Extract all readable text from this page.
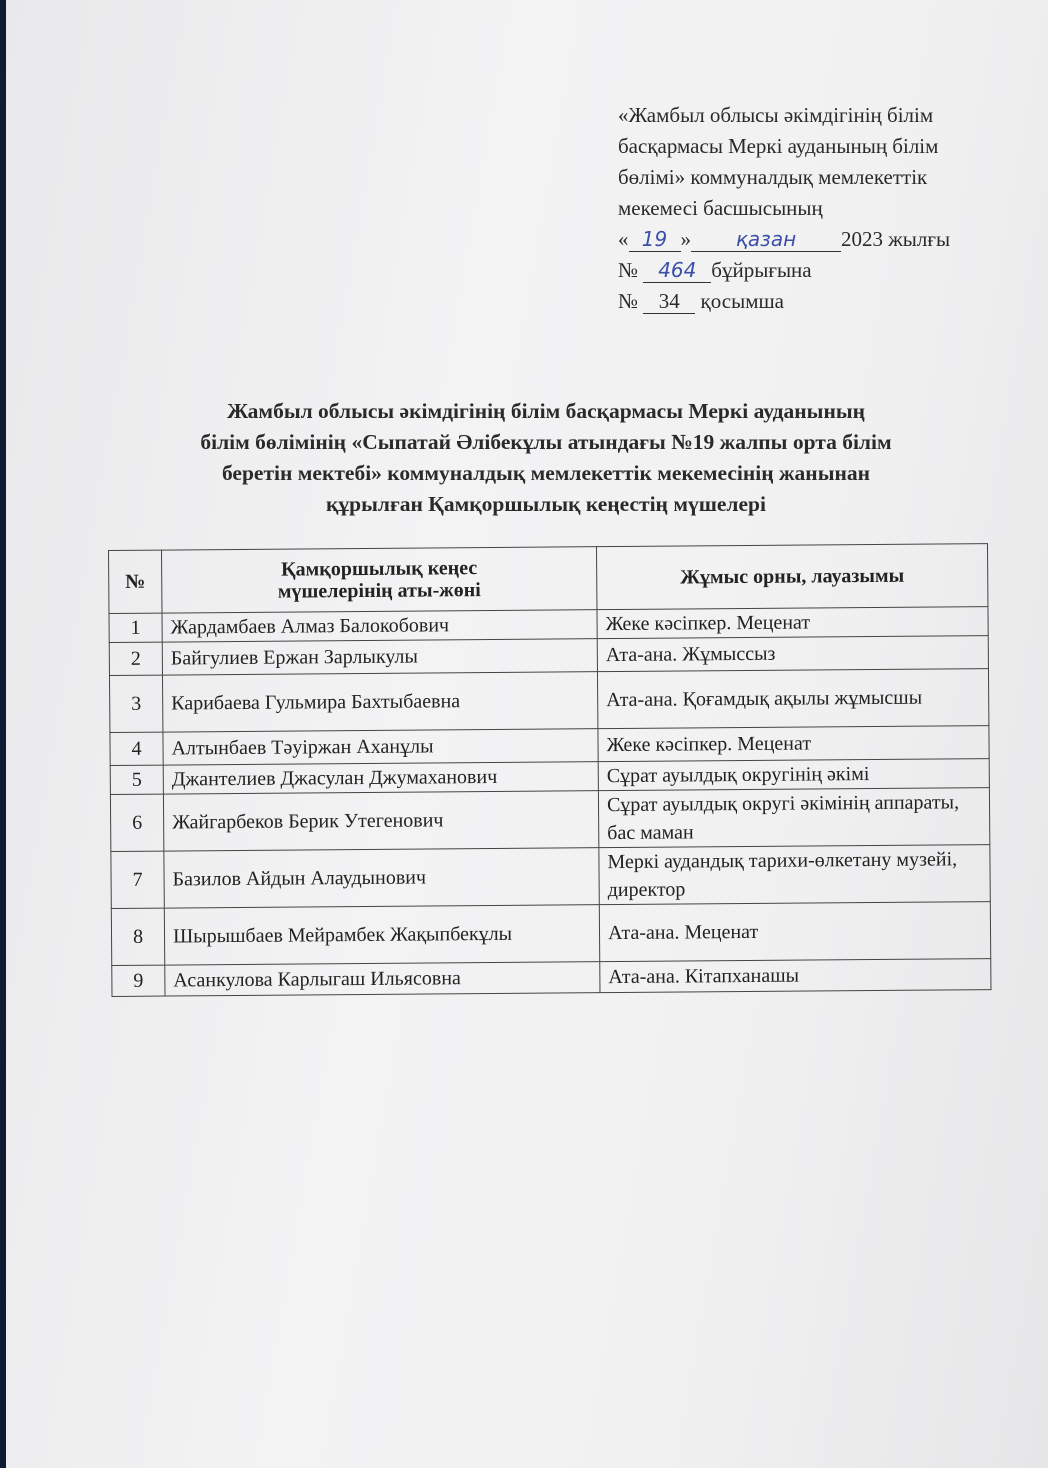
«Жамбыл облысы әкімдігінің білім
басқармасы Меркі ауданының білім
бөлімі» коммуналдық мемлекеттік
мекемесі басшысының
« 19 » қазан 2023 жылғы
№ 464 бұйрығына
№ 34 қосымша
Жамбыл облысы әкімдігінің білім басқармасы Меркі ауданының
білім бөлімінің «Сыпатай Әлібекұлы атындағы №19 жалпы орта білім
беретін мектебі» коммуналдық мемлекеттік мекемесінің жанынан
құрылған Қамқоршылық кеңестің мүшелері
№	Қамқоршылық кеңес
мүшелерінің аты-жөні	Жұмыс орны, лауазымы
1	Жардамбаев Алмаз Балокобович	Жеке кәсіпкер. Меценат
2	Байгулиев Ержан Зарлыкулы	Ата-ана. Жұмыссыз
3	Карибаева Гульмира Бахтыбаевна	Ата-ана. Қоғамдық ақылы жұмысшы
4	Алтынбаев Тәуіржан Аханұлы	Жеке кәсіпкер. Меценат
5	Джантелиев Джасулан Джумаханович	Сұрат ауылдық округінің әкімі
6	Жайгарбеков Берик Утегенович	Сұрат ауылдық округі әкімінің аппараты, бас маман
7	Базилов Айдын Алаудынович	Меркі аудандық тарихи-өлкетану музейі, директор
8	Шырышбаев Мейрамбек Жақыпбекұлы	Ата-ана. Меценат
9	Асанкулова Карлыгаш Ильясовна	Ата-ана. Кітапханашы
